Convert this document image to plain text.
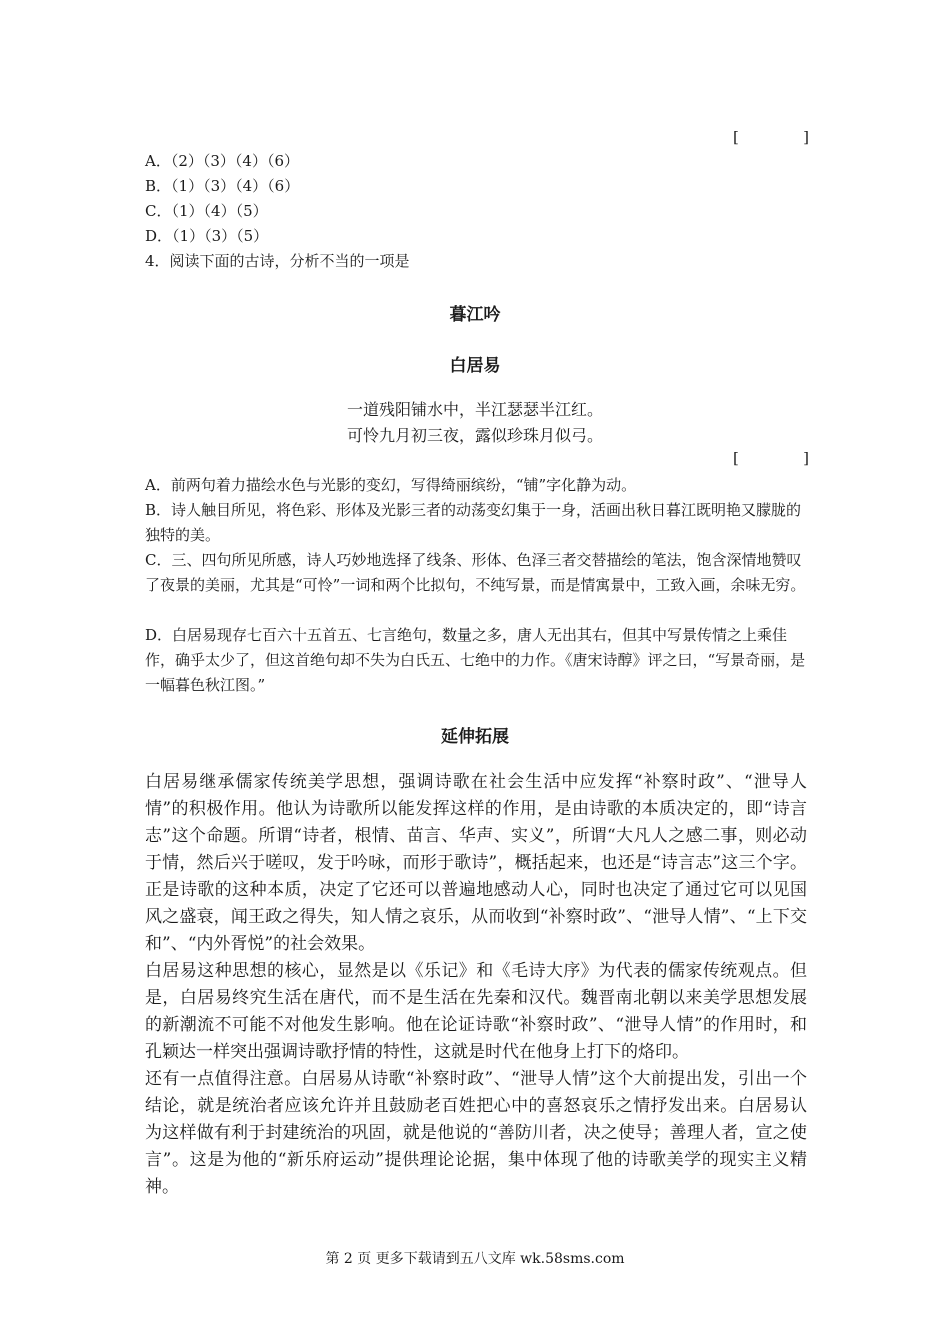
[	]
A．（2）（3）（4）（6）
B．（1）（3）（4）（6）
C．（1）（4）（5）
D．（1）（3）（5）
4．阅读下面的古诗，分析不当的一项是
暮江吟
白居易
一道残阳铺水中，半江瑟瑟半江红。
可怜九月初三夜，露似珍珠月似弓。
[	]
A．前两句着力描绘水色与光影的变幻，写得绮丽缤纷，“铺”字化静为动。
B．诗人触目所见，将色彩、形体及光影三者的动荡变幻集于一身，活画出秋日暮江既明艳又朦胧的独特的美。
C．三、四句所见所感，诗人巧妙地选择了线条、形体、色泽三者交替描绘的笔法，饱含深情地赞叹了夜景的美丽，尤其是“可怜”一词和两个比拟句，不纯写景，而是情寓景中，工致入画，余味无穷。
D．白居易现存七百六十五首五、七言绝句，数量之多，唐人无出其右，但其中写景传情之上乘佳作，确乎太少了，但这首绝句却不失为白氏五、七绝中的力作。《唐宋诗醇》评之曰，“写景奇丽，是一幅暮色秋江图。”
延伸拓展

白居易继承儒家传统美学思想，强调诗歌在社会生活中应发挥“补察时政”、“泄导人情”的积极作用。他认为诗歌所以能发挥这样的作用，是由诗歌的本质决定的，即“诗言志”这个命题。所谓“诗者，根情、苗言、华声、实义”，所谓“大凡人之感二事，则必动于情，然后兴于嗟叹，发于吟咏，而形于歌诗”，概括起来，也还是“诗言志”这三个字。正是诗歌的这种本质，决定了它还可以普遍地感动人心，同时也决定了通过它可以见国风之盛衰，闻王政之得失，知人情之哀乐，从而收到“补察时政”、“泄导人情”、“上下交和”、“内外胥悦”的社会效果。

白居易这种思想的核心，显然是以《乐记》和《毛诗大序》为代表的儒家传统观点。但是，白居易终究生活在唐代，而不是生活在先秦和汉代。魏晋南北朝以来美学思想发展的新潮流不可能不对他发生影响。他在论证诗歌“补察时政”、“泄导人情”的作用时，和孔颖达一样突出强调诗歌抒情的特性，这就是时代在他身上打下的烙印。

还有一点值得注意。白居易从诗歌“补察时政”、“泄导人情”这个大前提出发，引出一个结论，就是统治者应该允许并且鼓励老百姓把心中的喜怒哀乐之情抒发出来。白居易认为这样做有利于封建统治的巩固，就是他说的“善防川者，决之使导；善理人者，宣之使言”。这是为他的“新乐府运动”提供理论论据，集中体现了他的诗歌美学的现实主义精神。

第 2 页 更多下载请到五八文库 wk.58sms.com
